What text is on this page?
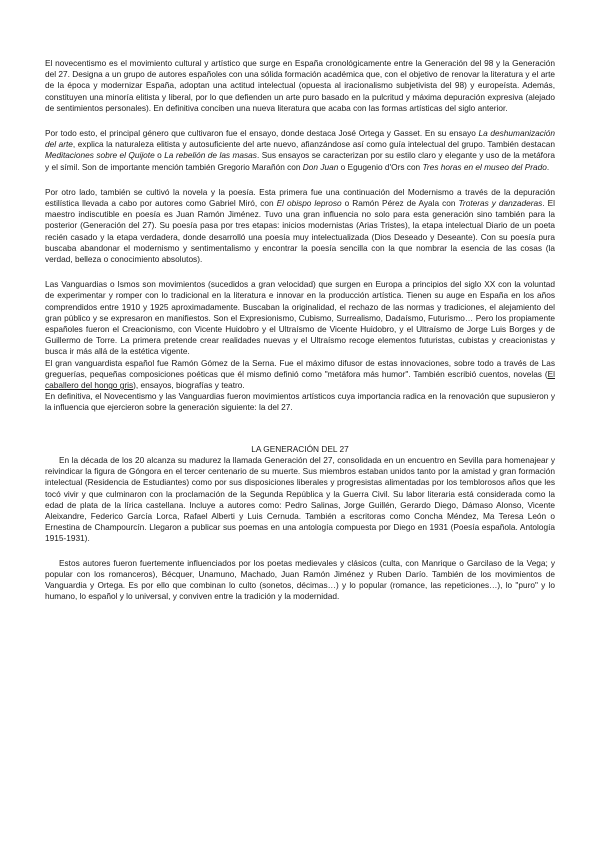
El novecentismo es el movimiento cultural y artístico que surge en España cronológicamente entre la Generación del 98 y la Generación del 27. Designa a un grupo de autores españoles con una sólida formación académica que, con el objetivo de renovar la literatura y el arte de la época y modernizar España, adoptan una actitud intelectual (opuesta al iracionalismo subjetivista del 98) y europeísta. Además, constituyen una minoría elitista y liberal, por lo que defienden un arte puro basado en la pulcritud y máxima depuración expresiva (alejado de sentimientos personales). En definitiva conciben una nueva literatura que acaba con las formas artísticas del siglo anterior.

Por todo esto, el principal género que cultivaron fue el ensayo, donde destaca José Ortega y Gasset. En su ensayo La deshumanización del arte, explica la naturaleza elitista y autosuficiente del arte nuevo, afianzándose así como guía intelectual del grupo. También destacan Meditaciones sobre el Quijote o La rebelión de las masas. Sus ensayos se caracterizan por su estilo claro y elegante y uso de la metáfora y el símil. Son de importante mención también Gregorio Marañón con Don Juan o Egugenio d'Ors con Tres horas en el museo del Prado.

Por otro lado, también se cultivó la novela y la poesía. Esta primera fue una continuación del Modernismo a través de la depuración estilística llevada a cabo por autores como Gabriel Miró, con El obispo leproso o Ramón Pérez de Ayala con Troteras y danzaderas. El maestro indiscutible en poesía es Juan Ramón Jiménez. Tuvo una gran influencia no solo para esta generación sino también para la posterior (Generación del 27). Su poesía pasa por tres etapas: inicios modernistas (Arias Tristes), la etapa intelectual Diario de un poeta recién casado y la etapa verdadera, donde desarrolló una poesía muy intelectualizada (Dios Deseado y Deseante). Con su poesía pura buscaba abandonar el modernismo y sentimentalismo y encontrar la poesía sencilla con la que nombrar la esencia de las cosas (la verdad, belleza o conocimiento absolutos).

Las Vanguardias o Ismos son movimientos (sucedidos a gran velocidad) que surgen en Europa a principios del siglo XX con la voluntad de experimentar y romper con lo tradicional en la literatura e innovar en la producción artística. Tienen su auge en España en los años comprendidos entre 1910 y 1925 aproximadamente. Buscaban la originalidad, el rechazo de las normas y tradiciones, el alejamiento del gran público y se expresaron en manifiestos. Son el Expresionismo, Cubismo, Surrealismo, Dadaísmo, Futurismo… Pero los propiamente españoles fueron el Creacionismo, con Vicente Huidobro y el Ultraísmo de Vicente Huidobro, y el Ultraísmo de Jorge Luis Borges y de Guillermo de Torre. La primera pretende crear realidades nuevas y el Ultraísmo recoge elementos futuristas, cubistas y creacionistas y busca ir más allá de la estética vigente.

El gran vanguardista español fue Ramón Gómez de la Serna. Fue el máximo difusor de estas innovaciones, sobre todo a través de Las greguerías, pequeñas composiciones poéticas que él mismo definió como "metáfora más humor". También escribió cuentos, novelas (El caballero del hongo gris), ensayos, biografías y teatro.

En definitiva, el Novecentismo y las Vanguardias fueron movimientos artísticos cuya importancia radica en la renovación que supusieron y la influencia que ejercieron sobre la generación siguiente: la del 27.

LA GENERACIÓN DEL 27

En la década de los 20 alcanza su madurez la llamada Generación del 27, consolidada en un encuentro en Sevilla para homenajear y reivindicar la figura de Góngora en el tercer centenario de su muerte. Sus miembros estaban unidos tanto por la amistad y gran formación intelectual (Residencia de Estudiantes) como por sus disposiciones liberales y progresistas alimentadas por los temblorosos años que les tocó vivir y que culminaron con la proclamación de la Segunda República y la Guerra Civil. Su labor literaria está considerada como la edad de plata de la lírica castellana. Incluye a autores como: Pedro Salinas, Jorge Guillén, Gerardo Diego, Dámaso Alonso, Vicente Aleixandre, Federico García Lorca, Rafael Alberti y Luis Cernuda. También a escritoras como Concha Méndez, Ma Teresa León o Ernestina de Champourcín. Llegaron a publicar sus poemas en una antología compuesta por Diego en 1931 (Poesía española. Antología 1915-1931).

Estos autores fueron fuertemente influenciados por los poetas medievales y clásicos (culta, con Manrique o Garcilaso de la Vega; y popular con los romanceros), Bécquer, Unamuno, Machado, Juan Ramón Jiménez y Ruben Darío. También de los movimientos de Vanguardia y Ortega. Es por ello que combinan lo culto (sonetos, décimas…) y lo popular (romance, las repeticiones…), lo "puro" y lo humano, lo español y lo universal, y conviven entre la tradición y la modernidad.
